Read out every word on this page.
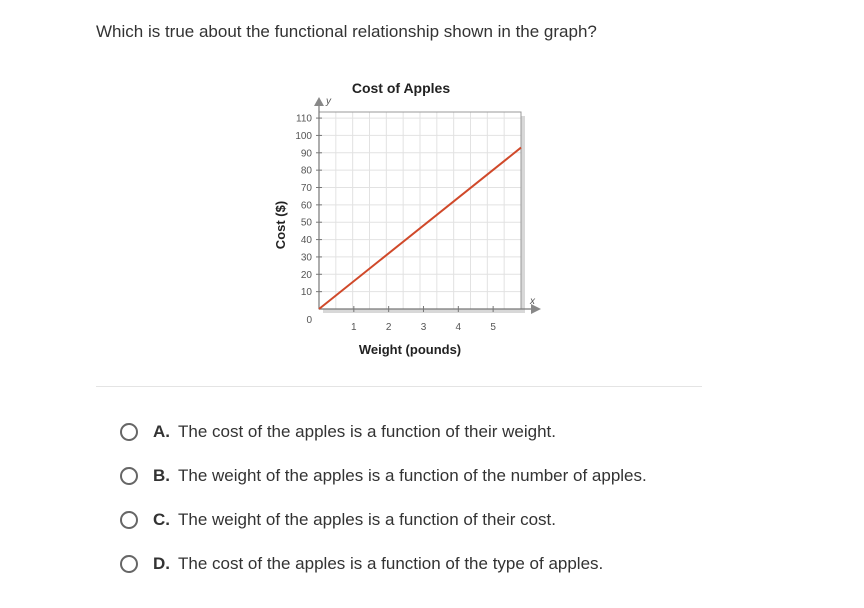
Which is true about the functional relationship shown in the graph?
y
x
10
20
30
40
50
60
70
80
90
100
110
0
1	2	3	4	5
Cost of Apples
Weight (pounds)
Cost ($)
A. The cost of the apples is a function of their weight.
B. The weight of the apples is a function of the number of apples.
C. The weight of the apples is a function of their cost.
D. The cost of the apples is a function of the type of apples.
